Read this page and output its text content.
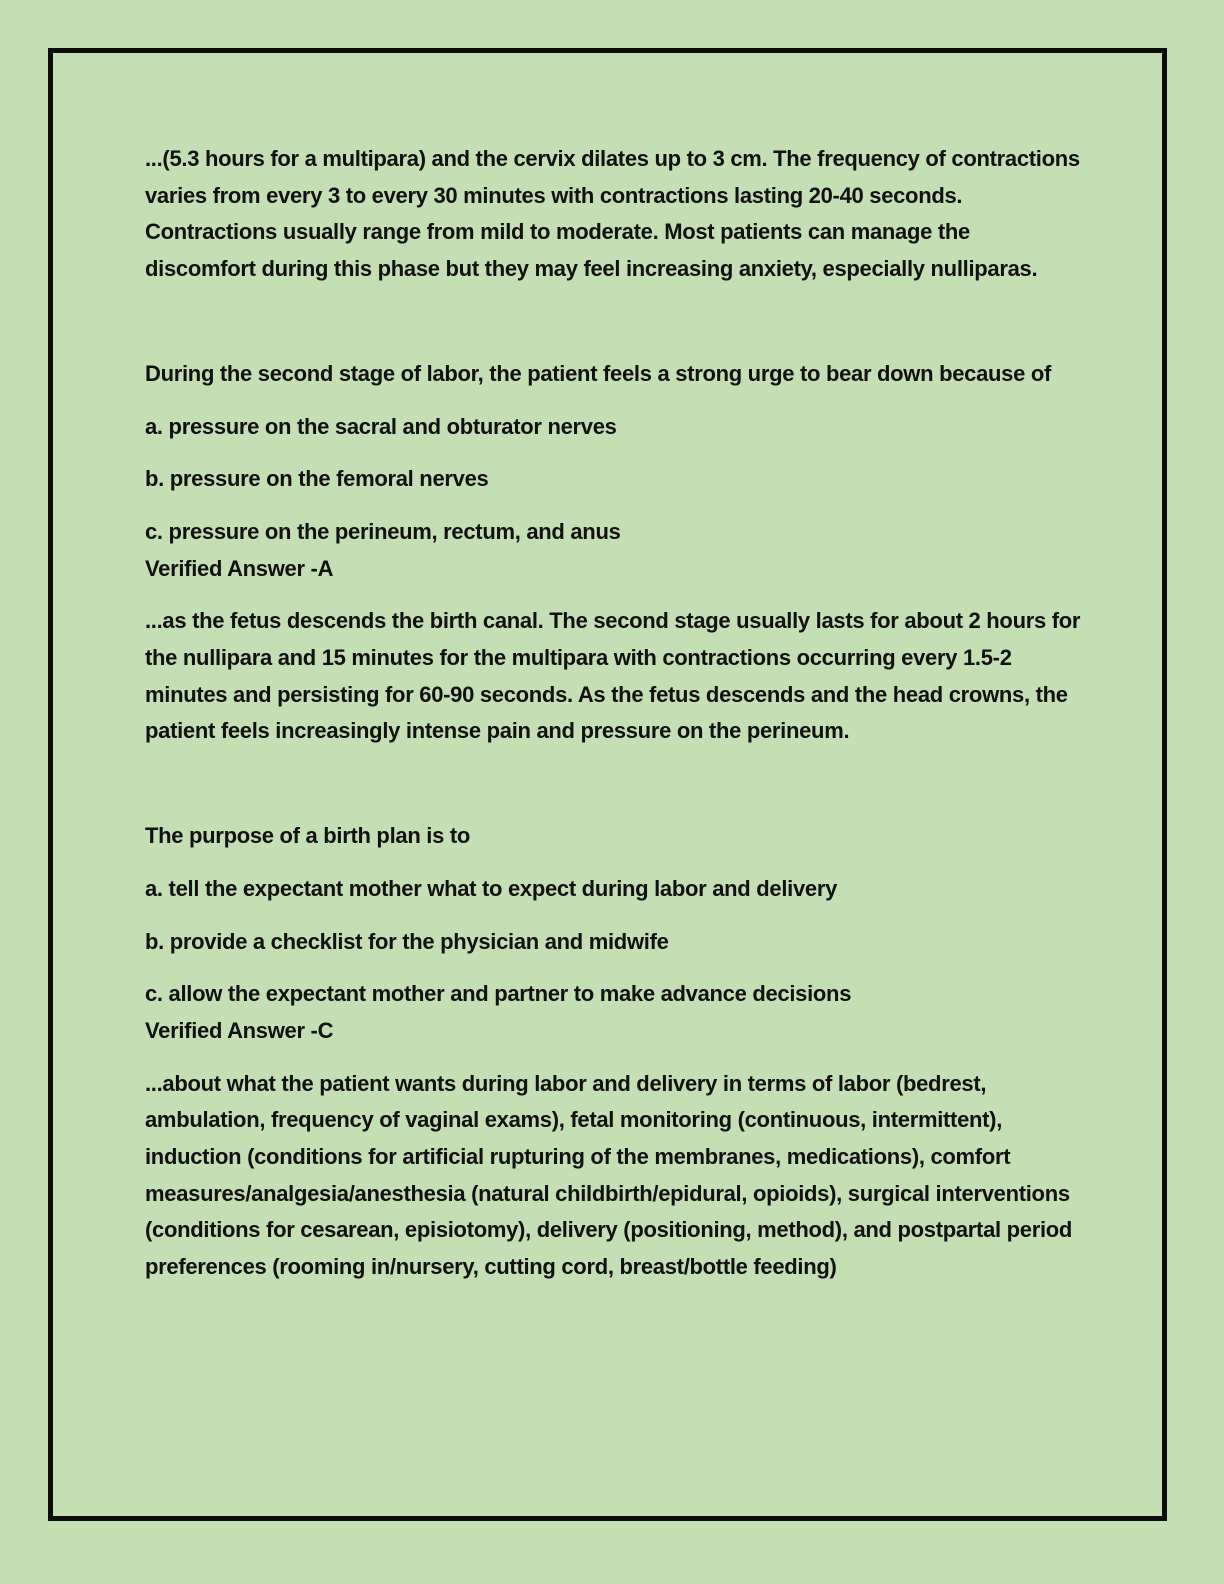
...(5.3 hours for a multipara) and the cervix dilates up to 3 cm. The frequency of contractions varies from every 3 to every 30 minutes with contractions lasting 20-40 seconds. Contractions usually range from mild to moderate. Most patients can manage the discomfort during this phase but they may feel increasing anxiety, especially nulliparas.

During the second stage of labor, the patient feels a strong urge to bear down because of

a. pressure on the sacral and obturator nerves

b. pressure on the femoral nerves

c. pressure on the perineum, rectum, and anus

Verified Answer -A

...as the fetus descends the birth canal. The second stage usually lasts for about 2 hours for the nullipara and 15 minutes for the multipara with contractions occurring every 1.5-2 minutes and persisting for 60-90 seconds. As the fetus descends and the head crowns, the patient feels increasingly intense pain and pressure on the perineum.

The purpose of a birth plan is to

a. tell the expectant mother what to expect during labor and delivery

b. provide a checklist for the physician and midwife

c. allow the expectant mother and partner to make advance decisions

Verified Answer -C

...about what the patient wants during labor and delivery in terms of labor (bedrest, ambulation, frequency of vaginal exams), fetal monitoring (continuous, intermittent), induction (conditions for artificial rupturing of the membranes, medications), comfort measures/analgesia/anesthesia (natural childbirth/epidural, opioids), surgical interventions (conditions for cesarean, episiotomy), delivery (positioning, method), and postpartal period preferences (rooming in/nursery, cutting cord, breast/bottle feeding)
